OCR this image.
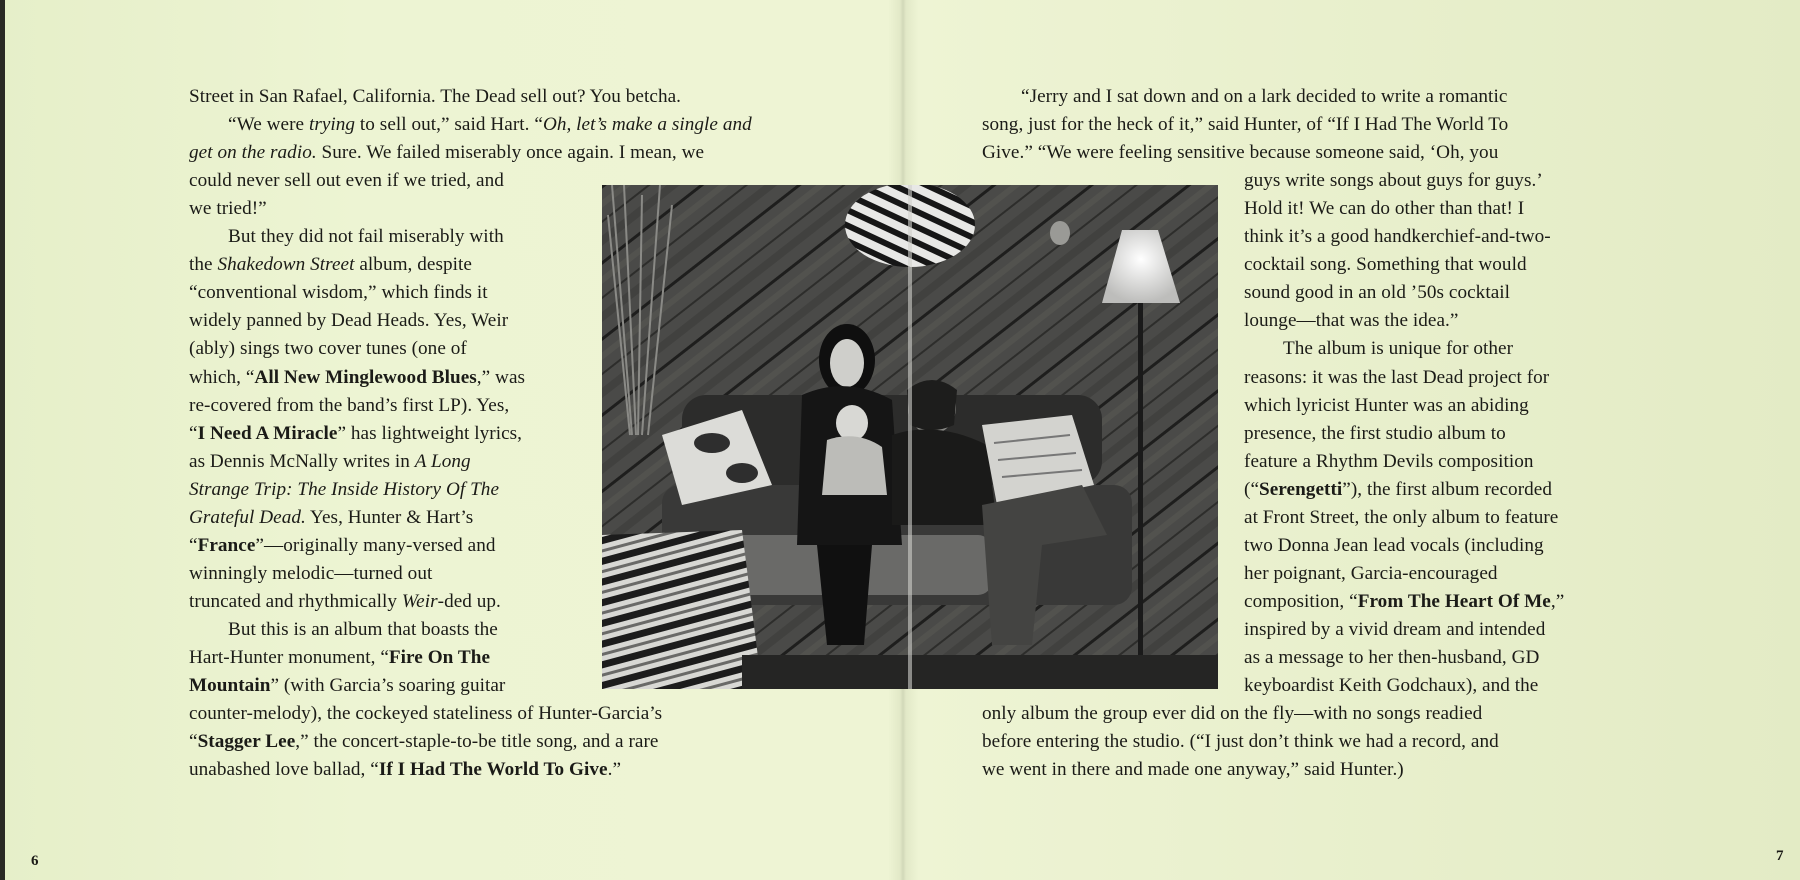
Street in San Rafael, California. The Dead sell out? You betcha.
“We were trying to sell out,” said Hart. “Oh, let’s make a single and
get on the radio. Sure. We failed miserably once again. I mean, we
could never sell out even if we tried, and
we tried!”
But they did not fail miserably with
the Shakedown Street album, despite
“conventional wisdom,” which finds it
widely panned by Dead Heads. Yes, Weir
(ably) sings two cover tunes (one of
which, “All New Minglewood Blues,” was
re-covered from the band’s first LP). Yes,
“I Need A Miracle” has lightweight lyrics,
as Dennis McNally writes in A Long
Strange Trip: The Inside History Of The
Grateful Dead. Yes, Hunter & Hart’s
“France”—originally many-versed and
winningly melodic—turned out
truncated and rhythmically Weir-ded up.
But this is an album that boasts the
Hart-Hunter monument, “Fire On The
Mountain” (with Garcia’s soaring guitar
counter-melody), the cockeyed stateliness of Hunter-Garcia’s
“Stagger Lee,” the concert-staple-to-be title song, and a rare
unabashed love ballad, “If I Had The World To Give.”
“Jerry and I sat down and on a lark decided to write a romantic
song, just for the heck of it,” said Hunter, of “If I Had The World To
Give.” “We were feeling sensitive because someone said, ‘Oh, you
guys write songs about guys for guys.’
Hold it! We can do other than that! I
think it’s a good handkerchief-and-two-
cocktail song. Something that would
sound good in an old ’50s cocktail
lounge—that was the idea.”
The album is unique for other
reasons: it was the last Dead project for
which lyricist Hunter was an abiding
presence, the first studio album to
feature a Rhythm Devils composition
(“Serengetti”), the first album recorded
at Front Street, the only album to feature
two Donna Jean lead vocals (including
her poignant, Garcia-encouraged
composition, “From The Heart Of Me,”
inspired by a vivid dream and intended
as a message to her then-husband, GD
keyboardist Keith Godchaux), and the
only album the group ever did on the fly—with no songs readied
before entering the studio. (“I just don’t think we had a record, and
we went in there and made one anyway,” said Hunter.)
6	7
